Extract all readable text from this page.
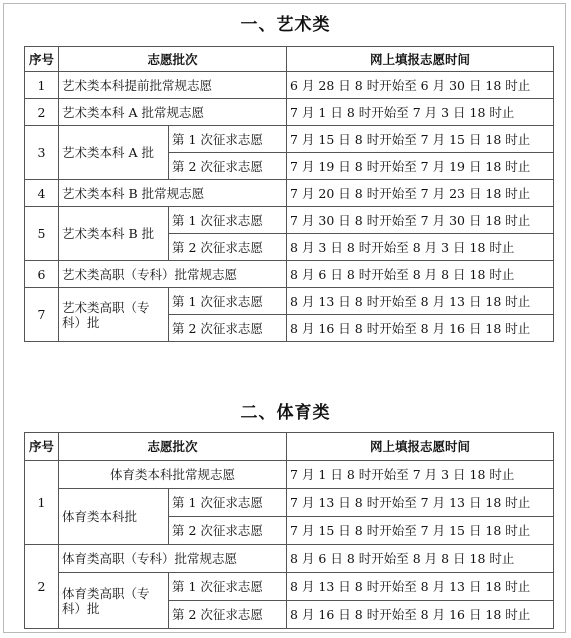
一、艺术类
序号	志愿批次		网上填报志愿时间
1	艺术类本科提前批常规志愿		6 月 28 日 8 时开始至 6 月 30 日 18 时止
2	艺术类本科 A 批常规志愿		7 月 1 日 8 时开始至 7 月 3 日 18 时止
3	艺术类本科 A 批	第 1 次征求志愿	7 月 15 日 8 时开始至 7 月 15 日 18 时止
		第 2 次征求志愿	7 月 19 日 8 时开始至 7 月 19 日 18 时止
4	艺术类本科 B 批常规志愿		7 月 20 日 8 时开始至 7 月 23 日 18 时止
5	艺术类本科 B 批	第 1 次征求志愿	7 月 30 日 8 时开始至 7 月 30 日 18 时止
		第 2 次征求志愿	8 月 3 日 8 时开始至 8 月 3 日 18 时止
6	艺术类高职（专科）批常规志愿		8 月 6 日 8 时开始至 8 月 8 日 18 时止
7	艺术类高职（专科）批	第 1 次征求志愿	8 月 13 日 8 时开始至 8 月 13 日 18 时止
		第 2 次征求志愿	8 月 16 日 8 时开始至 8 月 16 日 18 时止
二、体育类
序号	志愿批次		网上填报志愿时间
1	体育类本科批常规志愿		7 月 1 日 8 时开始至 7 月 3 日 18 时止
	体育类本科批	第 1 次征求志愿	7 月 13 日 8 时开始至 7 月 13 日 18 时止
		第 2 次征求志愿	7 月 15 日 8 时开始至 7 月 15 日 18 时止
2	体育类高职（专科）批常规志愿		8 月 6 日 8 时开始至 8 月 8 日 18 时止
	体育类高职（专科）批	第 1 次征求志愿	8 月 13 日 8 时开始至 8 月 13 日 18 时止
		第 2 次征求志愿	8 月 16 日 8 时开始至 8 月 16 日 18 时止
